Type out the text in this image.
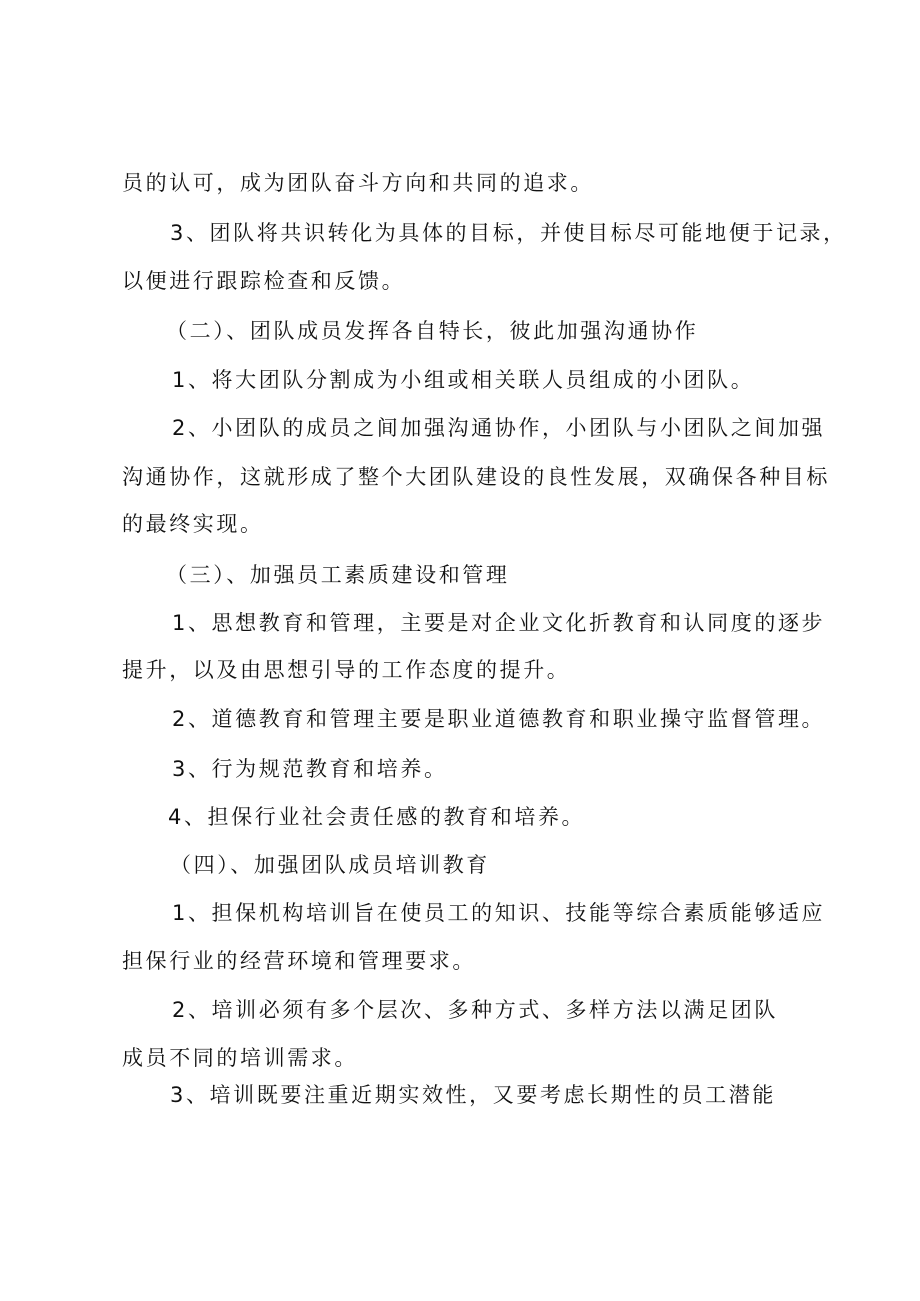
员的认可，成为团队奋斗方向和共同的追求。
3、团队将共识转化为具体的目标，并使目标尽可能地便于记录，
以便进行跟踪检查和反馈。
（二）、团队成员发挥各自特长，彼此加强沟通协作
1、将大团队分割成为小组或相关联人员组成的小团队。
2、小团队的成员之间加强沟通协作，小团队与小团队之间加强
沟通协作，这就形成了整个大团队建设的良性发展，双确保各种目标
的最终实现。
（三）、加强员工素质建设和管理
1、思想教育和管理，主要是对企业文化折教育和认同度的逐步
提升，以及由思想引导的工作态度的提升。
2、道德教育和管理主要是职业道德教育和职业操守监督管理。
3、行为规范教育和培养。
4、担保行业社会责任感的教育和培养。
（四）、加强团队成员培训教育
1、担保机构培训旨在使员工的知识、技能等综合素质能够适应
担保行业的经营环境和管理要求。
2、培训必须有多个层次、多种方式、多样方法以满足团队
成员不同的培训需求。
3、培训既要注重近期实效性，又要考虑长期性的员工潜能
